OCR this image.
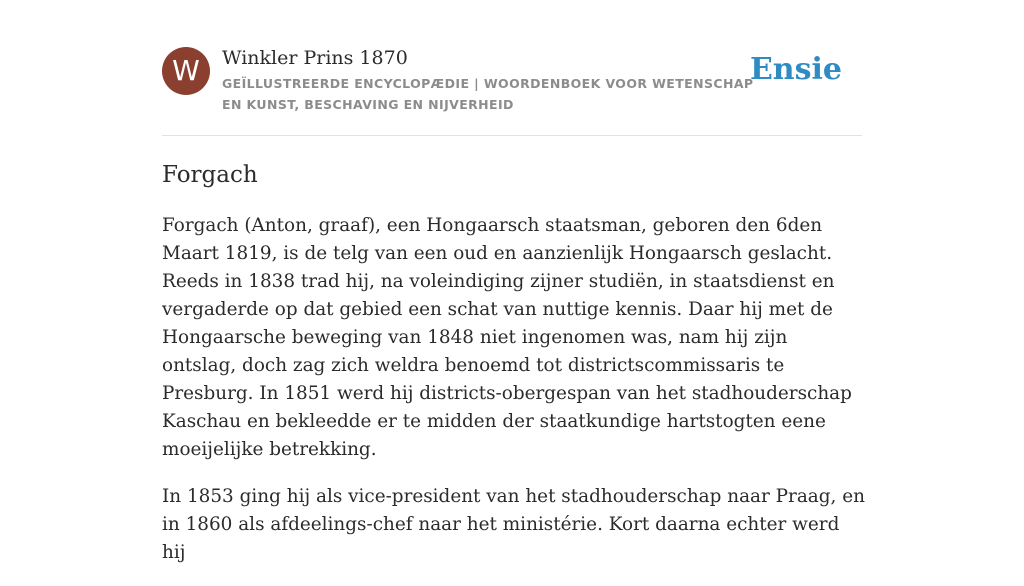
W	Winkler Prins 1870
GEÏLLUSTREERDE ENCYCLOPÆDIE | WOORDENBOEK VOOR WETENSCHAP EN KUNST, BESCHAVING EN NIJVERHEID
Ensie
Forgach

Forgach (Anton, graaf), een Hongaarsch staatsman, geboren den 6den Maart 1819, is de telg van een oud en aanzienlijk Hongaarsch geslacht. Reeds in 1838 trad hij, na voleindiging zijner studiën, in staatsdienst en vergaderde op dat gebied een schat van nuttige kennis. Daar hij met de Hongaarsche beweging van 1848 niet ingenomen was, nam hij zijn ontslag, doch zag zich weldra benoemd tot districtscommissaris te Presburg. In 1851 werd hij districts-obergespan van het stadhouderschap Kaschau en bekleedde er te midden der staatkundige hartstogten eene moeijelijke betrekking.

In 1853 ging hij als vice-president van het stadhouderschap naar Praag, en in 1860 als afdeelings-chef naar het ministérie. Kort daarna echter werd hij
